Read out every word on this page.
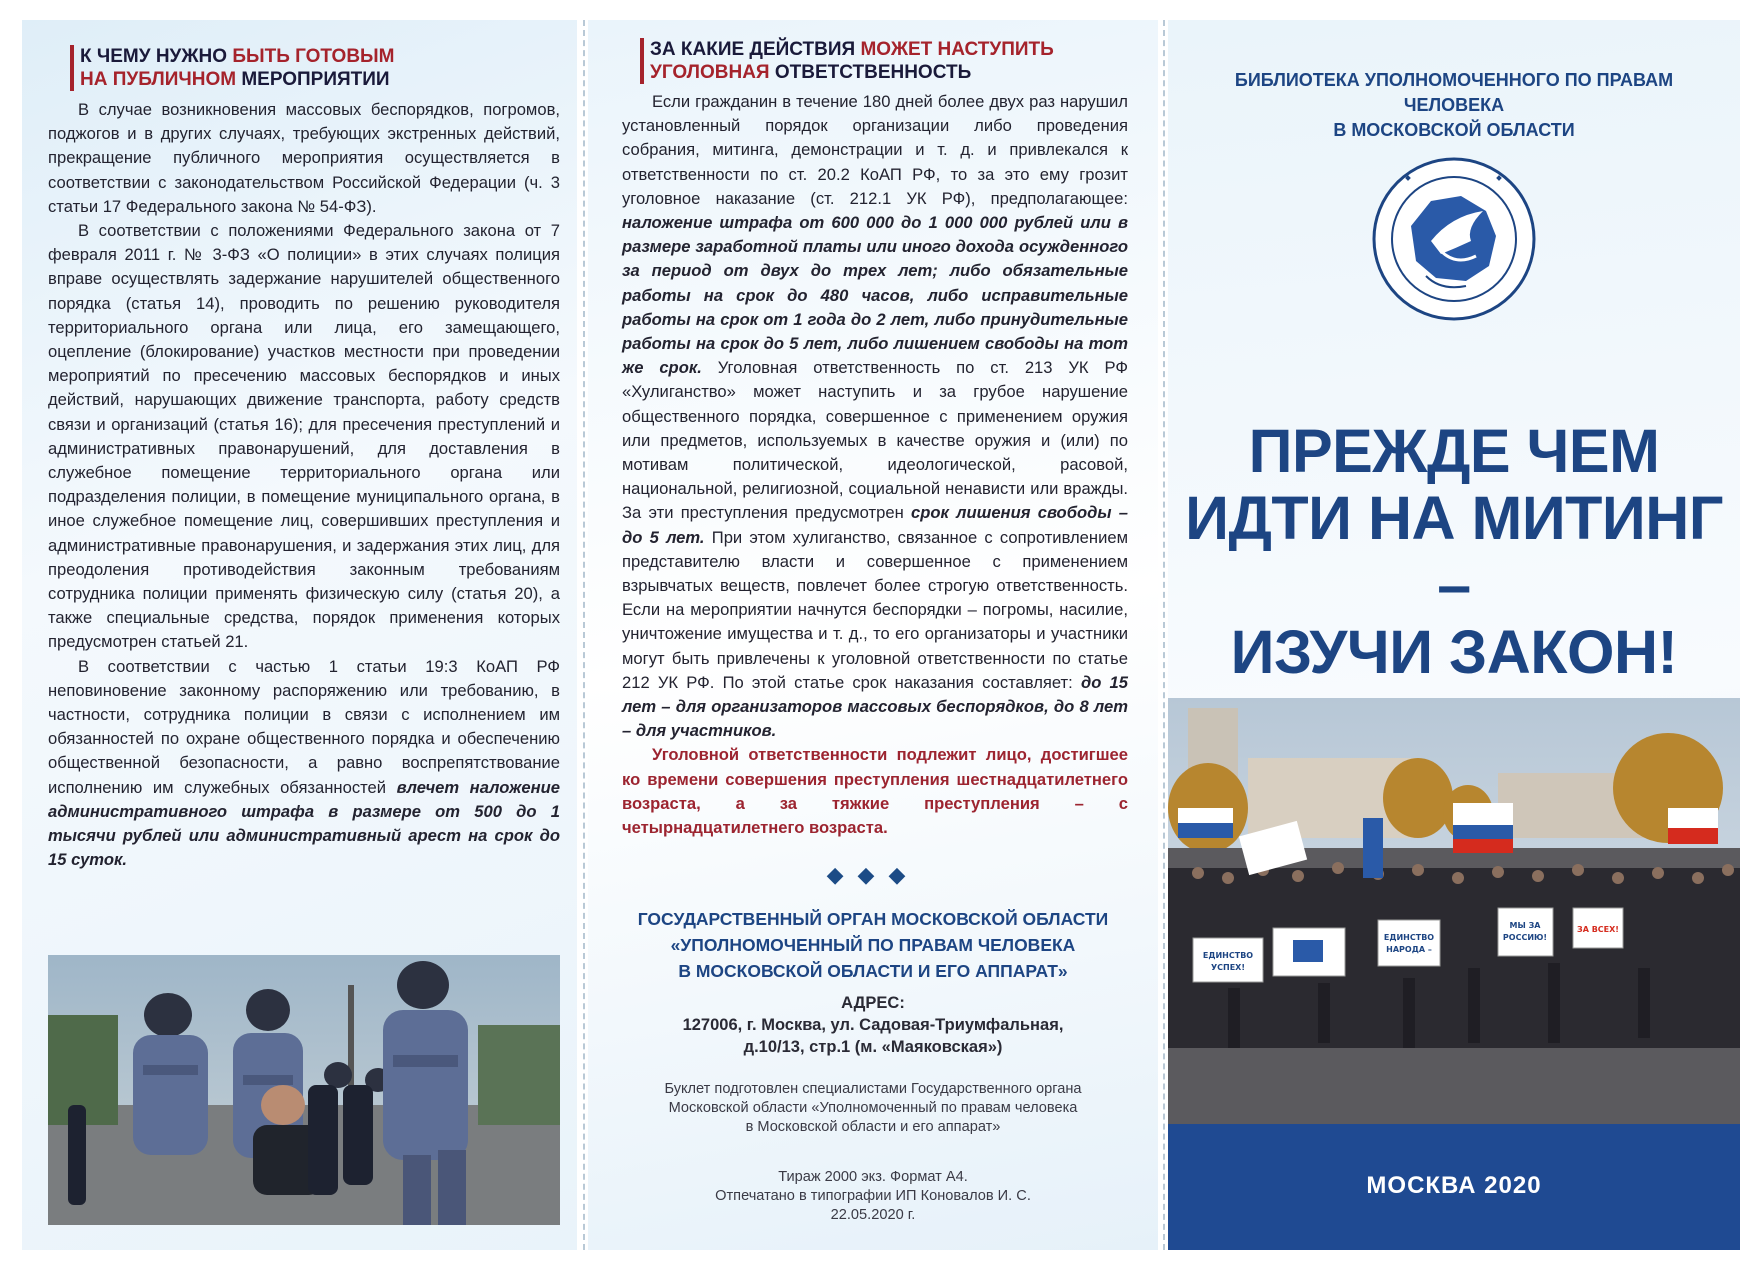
К ЧЕМУ НУЖНО БЫТЬ ГОТОВЫМ
НА ПУБЛИЧНОМ МЕРОПРИЯТИИ

В случае возникновения массовых беспорядков, погромов, поджогов и в других случаях, требующих экстренных действий, прекращение публичного мероприятия осуществляется в соответствии с законодательством Российской Федерации (ч. 3 статьи 17 Федерального закона № 54-ФЗ).

В соответствии с положениями Федерального закона от 7 февраля 2011 г. № 3-ФЗ «О полиции» в этих случаях полиция вправе осуществлять задержание нарушителей общественного порядка (статья 14), проводить по решению руководителя территориального органа или лица, его замещающего, оцепление (блокирование) участков местности при проведении мероприятий по пресечению массовых беспорядков и иных действий, нарушающих движение транспорта, работу средств связи и организаций (статья 16); для пресечения преступлений и административных правонарушений, для доставления в служебное помещение территориального органа или подразделения полиции, в помещение муниципального органа, в иное служебное помещение лиц, совершивших преступления и административные правонарушения, и задержания этих лиц, для преодоления противодействия законным требованиям сотрудника полиции применять физическую силу (статья 20), а также специальные средства, порядок применения которых предусмотрен статьей 21.

В соответствии с частью 1 статьи 19:3 КоАП РФ неповиновение законному распоряжению или требованию, в частности, сотрудника полиции в связи с исполнением им обязанностей по охране общественного порядка и обеспечению общественной безопасности, а равно воспрепятствование исполнению им служебных обязанностей влечет наложение административного штрафа в размере от 500 до 1 тысячи рублей или административный арест на срок до 15 суток.

ЗА КАКИЕ ДЕЙСТВИЯ МОЖЕТ НАСТУПИТЬ
УГОЛОВНАЯ ОТВЕТСТВЕННОСТЬ

Если гражданин в течение 180 дней более двух раз нарушил установленный порядок организации либо проведения собрания, митинга, демонстрации и т. д. и привлекался к ответственности по ст. 20.2 КоАП РФ, то за это ему грозит уголовное наказание (ст. 212.1 УК РФ), предполагающее: наложение штрафа от 600 000 до 1 000 000 рублей или в размере заработной платы или иного дохода осужденного за период от двух до трех лет; либо обязательные работы на срок до 480 часов, либо исправительные работы на срок от 1 года до 2 лет, либо принудительные работы на срок до 5 лет, либо лишением свободы на тот же срок. Уголовная ответственность по ст. 213 УК РФ «Хулиганство» может наступить и за грубое нарушение общественного порядка, совершенное с применением оружия или предметов, используемых в качестве оружия и (или) по мотивам политической, идеологической, расовой, национальной, религиозной, социальной ненависти или вражды. За эти преступления предусмотрен срок лишения свободы – до 5 лет. При этом хулиганство, связанное с сопротивлением представителю власти и совершенное с применением взрывчатых веществ, повлечет более строгую ответственность. Если на мероприятии начнутся беспорядки – погромы, насилие, уничтожение имущества и т. д., то его организаторы и участники могут быть привлечены к уголовной ответственности по статье 212 УК РФ. По этой статье срок наказания составляет: до 15 лет – для организаторов массовых беспорядков, до 8 лет – для участников.

Уголовной ответственности подлежит лицо, достигшее ко времени совершения преступления шестнадцатилетнего возраста, а за тяжкие преступления – с четырнадцатилетнего возраста.

◆◆◆
ГОСУДАРСТВЕННЫЙ ОРГАН МОСКОВСКОЙ ОБЛАСТИ
«УПОЛНОМОЧЕННЫЙ ПО ПРАВАМ ЧЕЛОВЕКА
В МОСКОВСКОЙ ОБЛАСТИ И ЕГО АППАРАТ»
АДРЕС:
127006, г. Москва, ул. Садовая-Триумфальная,
д.10/13, стр.1 (м. «Маяковская»)
Буклет подготовлен специалистами Государственного органа
Московской области «Уполномоченный по правам человека
в Московской области и его аппарат»
Тираж 2000 экз. Формат А4.
Отпечатано в типографии ИП Коновалов И. С.
22.05.2020 г.
БИБЛИОТЕКА УПОЛНОМОЧЕННОГО ПО ПРАВАМ ЧЕЛОВЕКА
В МОСКОВСКОЙ ОБЛАСТИ
ПРЕЖДЕ ЧЕМ
ИДТИ НА МИТИНГ –
ИЗУЧИ ЗАКОН!
ЕДИНСТВО
УСПЕХ!
ЕДИНСТВО
НАРОДА –
МЫ ЗА
РОССИЮ!
ЗА ВСЕХ!
МОСКВА 2020
